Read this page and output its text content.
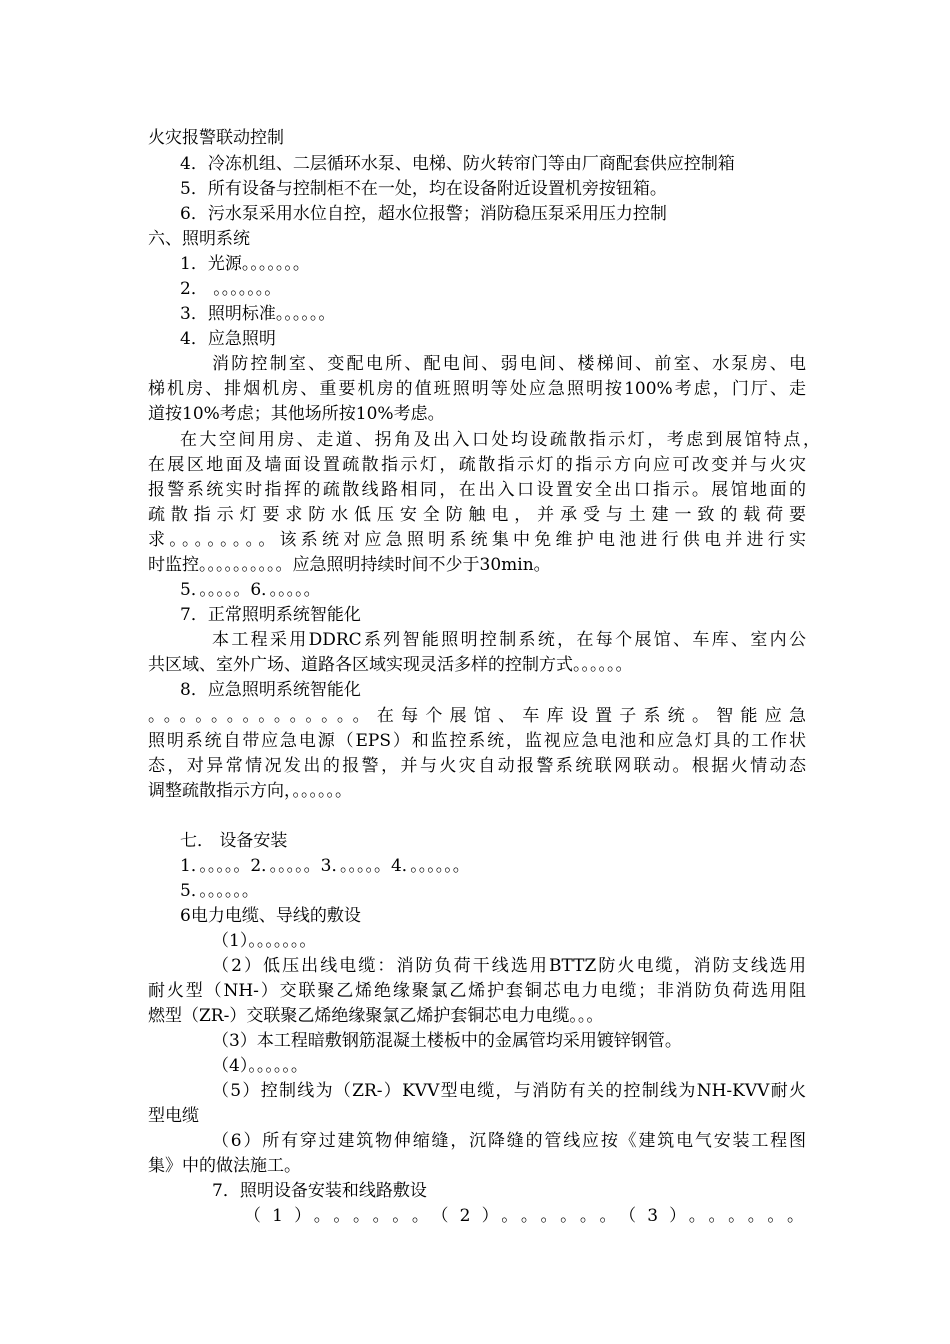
火灾报警联动控制
4．冷冻机组、二层循环水泵、电梯、防火转帘门等由厂商配套供应控制箱
5．所有设备与控制柜不在一处，均在设备附近设置机旁按钮箱。
6．污水泵采用水位自控，超水位报警；消防稳压泵采用压力控制
六、照明系统
1．光源。。。。。。。
2． 。。。。。。。
3．照明标准。。。。。。
4．应急照明
消防控制室、变配电所、配电间、弱电间、楼梯间、前室、水泵房、电
梯机房、排烟机房、重要机房的值班照明等处应急照明按100%考虑，门厅、走
道按10%考虑；其他场所按10%考虑。
在大空间用房、走道、拐角及出入口处均设疏散指示灯，考虑到展馆特点，
在展区地面及墙面设置疏散指示灯，疏散指示灯的指示方向应可改变并与火灾
报警系统实时指挥的疏散线路相同，在出入口设置安全出口指示。展馆地面的
疏散指示灯要求防水低压安全防触电，并承受与土建一致的载荷要
求。。。。。。。。该系统对应急照明系统集中免维护电池进行供电并进行实
时监控。。。。。。。。。。应急照明持续时间不少于30min。
5．。。。。。6．。。。。。
7．正常照明系统智能化
本工程采用DDRC系列智能照明控制系统，在每个展馆、车库、室内公
共区域、室外广场、道路各区域实现灵活多样的控制方式。。。。。。
8．应急照明系统智能化
。。。。。。。。。。。。。。在每个展馆、车库设置子系统。智能应急
照明系统自带应急电源（EPS）和监控系统，监视应急电池和应急灯具的工作状
态，对异常情况发出的报警，并与火灾自动报警系统联网联动。根据火情动态
调整疏散指示方向，。。。。。。
七． 设备安装
1．。。。。。2．。。。。。3．。。。。。4．。。。。。。
5．。。。。。。
6电力电缆、导线的敷设
（1）。。。。。。。
（2）低压出线电缆：消防负荷干线选用BTTZ防火电缆，消防支线选用
耐火型（NH-）交联聚乙烯绝缘聚氯乙烯护套铜芯电力电缆；非消防负荷选用阻
燃型（ZR-）交联聚乙烯绝缘聚氯乙烯护套铜芯电力电缆。。。
（3）本工程暗敷钢筋混凝土楼板中的金属管均采用镀锌钢管。
（4）。。。。。。
（5）控制线为（ZR-）KVV型电缆，与消防有关的控制线为NH-KVV耐火
型电缆
（6）所有穿过建筑物伸缩缝，沉降缝的管线应按《建筑电气安装工程图
集》中的做法施工。
7．照明设备安装和线路敷设
（1）。。。。。。（2）。。。。。。（3）。。。。。。
